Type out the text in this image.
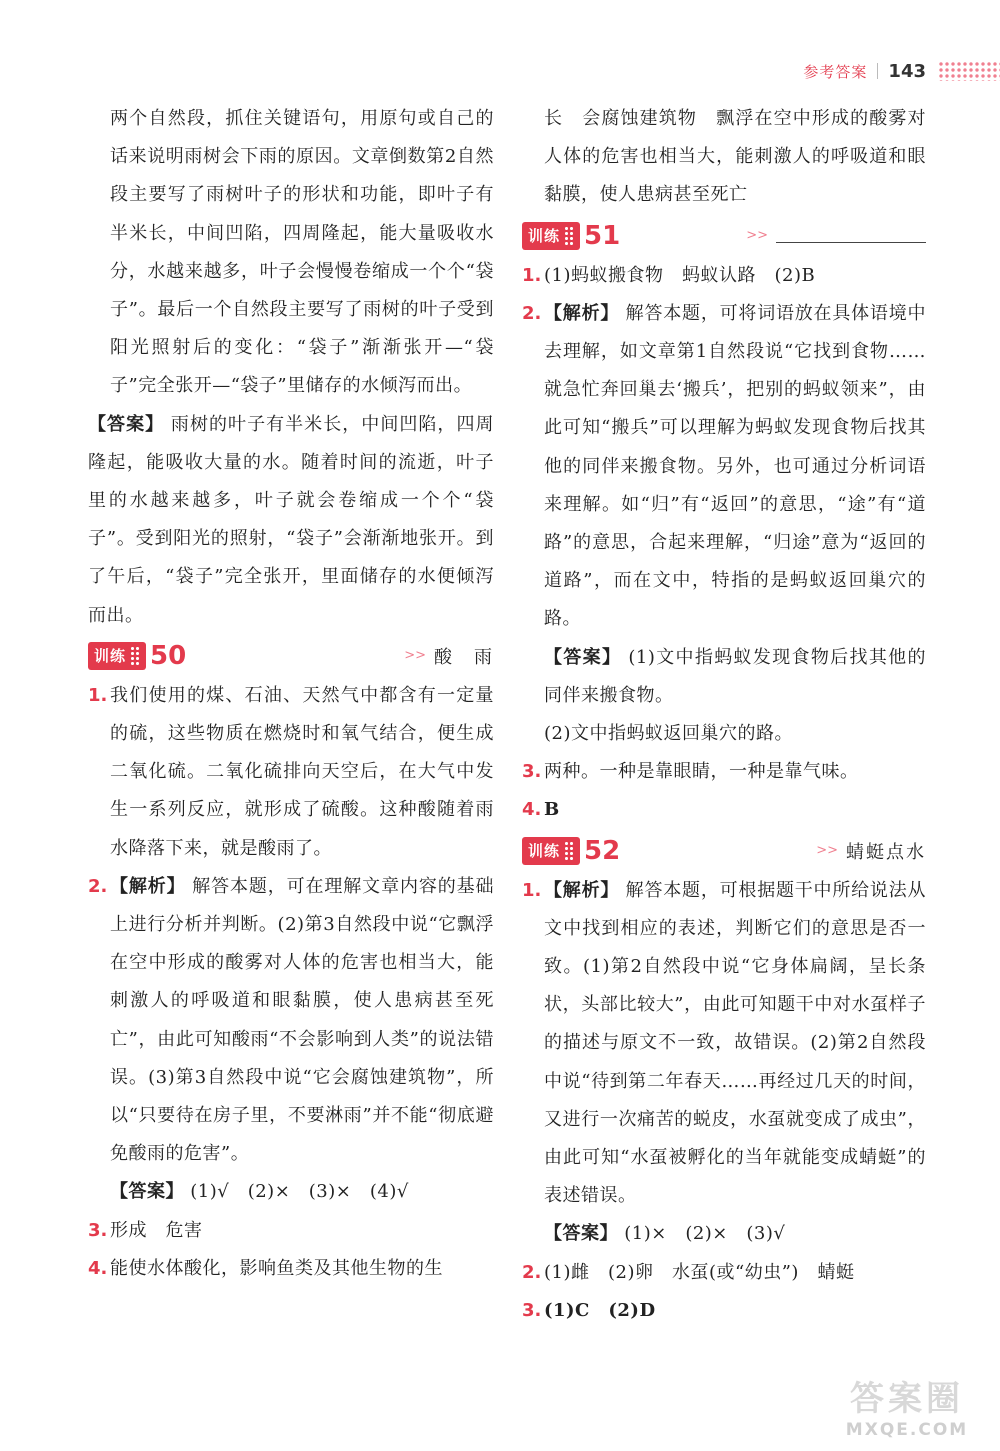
参考答案 143
两个自然段，抓住关键语句，用原句或自己的话来说明雨树会下雨的原因。文章倒数第2自然段主要写了雨树叶子的形状和功能，即叶子有半米长，中间凹陷，四周隆起，能大量吸收水分，水越来越多，叶子会慢慢卷缩成一个个“袋子”。最后一个自然段主要写了雨树的叶子受到阳光照射后的变化：“袋子”渐渐张开—“袋子”完全张开—“袋子”里储存的水倾泻而出。
【答案】 雨树的叶子有半米长，中间凹陷，四周隆起，能吸收大量的水。随着时间的流逝，叶子里的水越来越多，叶子就会卷缩成一个个“袋子”。受到阳光的照射，“袋子”会渐渐地张开。到了午后，“袋子”完全张开，里面储存的水便倾泻而出。
训练 50	>> 酸　雨
1. 我们使用的煤、石油、天然气中都含有一定量的硫，这些物质在燃烧时和氧气结合，便生成二氧化硫。二氧化硫排向天空后，在大气中发生一系列反应，就形成了硫酸。这种酸随着雨水降落下来，就是酸雨了。
2. 【解析】 解答本题，可在理解文章内容的基础上进行分析并判断。(2)第3自然段中说“它飘浮在空中形成的酸雾对人体的危害也相当大，能刺激人的呼吸道和眼黏膜，使人患病甚至死亡”，由此可知酸雨“不会影响到人类”的说法错误。(3)第3自然段中说“它会腐蚀建筑物”，所以“只要待在房子里，不要淋雨”并不能“彻底避免酸雨的危害”。
【答案】 (1)√　(2)×　(3)×　(4)√
3. 形成　危害
4. 能使水体酸化，影响鱼类及其他生物的生
长　会腐蚀建筑物　飘浮在空中形成的酸雾对人体的危害也相当大，能刺激人的呼吸道和眼黏膜，使人患病甚至死亡
训练 51	>>
1. (1)蚂蚁搬食物　蚂蚁认路　(2)B
2. 【解析】 解答本题，可将词语放在具体语境中去理解，如文章第1自然段说“它找到食物……就急忙奔回巢去‘搬兵’，把别的蚂蚁领来”，由此可知“搬兵”可以理解为蚂蚁发现食物后找其他的同伴来搬食物。另外，也可通过分析词语来理解。如“归”有“返回”的意思，“途”有“道路”的意思，合起来理解，“归途”意为“返回的道路”，而在文中，特指的是蚂蚁返回巢穴的路。
【答案】 (1)文中指蚂蚁发现食物后找其他的同伴来搬食物。
(2)文中指蚂蚁返回巢穴的路。
3. 两种。一种是靠眼睛，一种是靠气味。
4. B
训练 52	>> 蜻蜓点水
1. 【解析】 解答本题，可根据题干中所给说法从文中找到相应的表述，判断它们的意思是否一致。(1)第2自然段中说“它身体扁阔，呈长条状，头部比较大”，由此可知题干中对水虿样子的描述与原文不一致，故错误。(2)第2自然段中说“待到第二年春天……再经过几天的时间，又进行一次痛苦的蜕皮，水虿就变成了成虫”，由此可知“水虿被孵化的当年就能变成蜻蜓”的表述错误。
【答案】 (1)×　(2)×　(3)√
2. (1)雌　(2)卵　水虿(或“幼虫”)　蜻蜓
3. (1)C　(2)D
答案圈
MXQE.COM
